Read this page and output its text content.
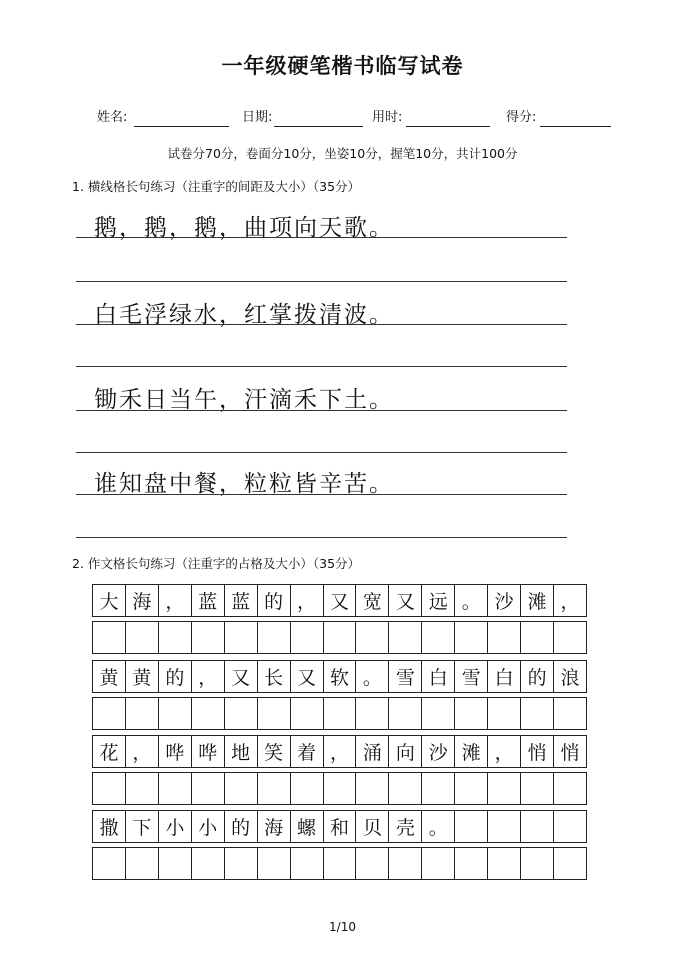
一年级硬笔楷书临写试卷
姓名:	日期:	用时:	得分:
试卷分70分，卷面分10分，坐姿10分，握笔10分，共计100分
1. 横线格长句练习（注重字的间距及大小）（35分）
鹅，鹅，鹅，曲项向天歌。
白毛浮绿水，红掌拨清波。
锄禾日当午，汗滴禾下土。
谁知盘中餐，粒粒皆辛苦。
2. 作文格长句练习（注重字的占格及大小）（35分）
大 海 ， 蓝 蓝 的 ， 又 宽 又 远 。 沙 滩 ，
黄 黄 的 ， 又 长 又 软 。 雪 白 雪 白 的 浪
花 ， 哗 哗 地 笑 着 ， 涌 向 沙 滩 ， 悄 悄
撒 下 小 小 的 海 螺 和 贝 壳 。
1/10
